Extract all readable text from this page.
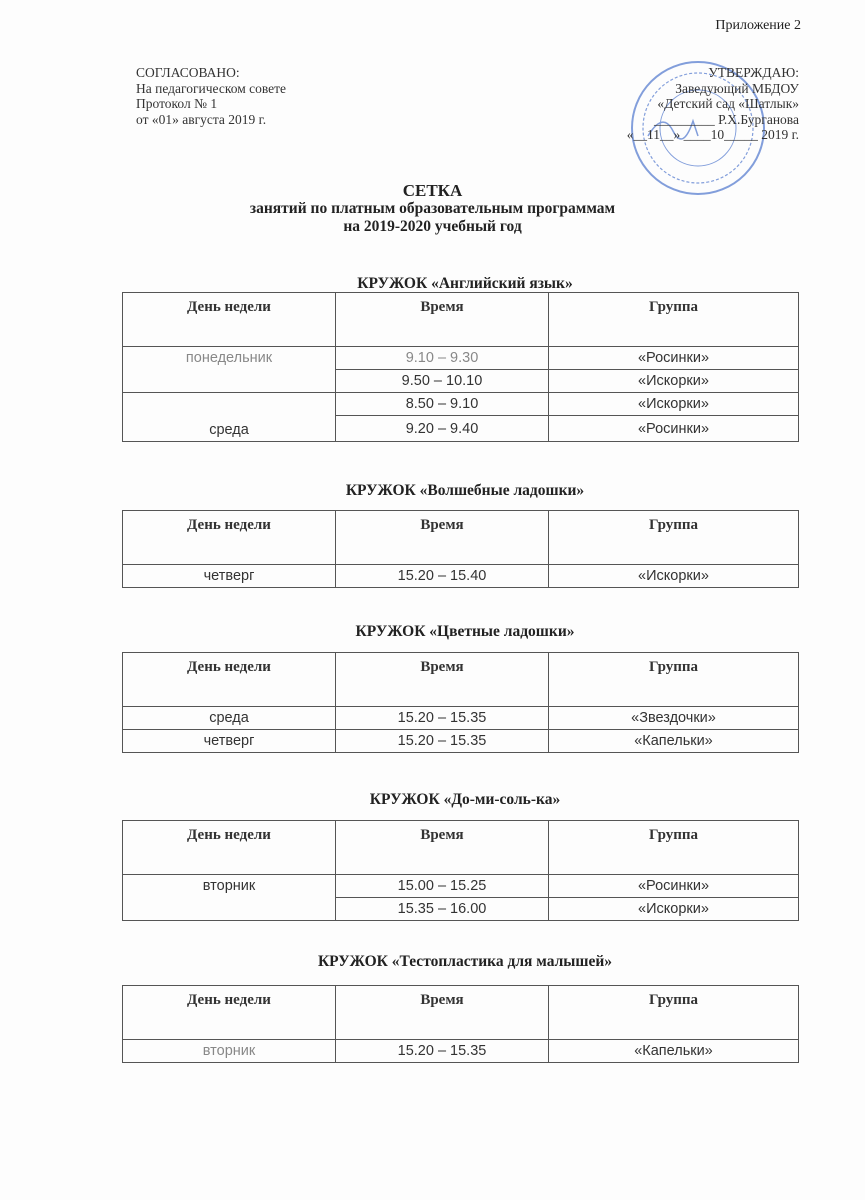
Приложение 2
СОГЛАСОВАНО:
На педагогическом совете
Протокол № 1
от «01» августа 2019 г.
УТВЕРЖДАЮ:
Заведующий МБДОУ
«Детский сад «Шатлык»
_________ Р.Х.Бурганова
«__11__» ____10_____ 2019 г.
СЕТКА
занятий по платным образовательным программам
на 2019-2020 учебный год
КРУЖОК «Английский язык»
День недели	Время	Группа
понедельник	9.10 – 9.30	«Росинки»
	9.50 – 10.10	«Искорки»
среда	8.50 – 9.10	«Искорки»
	9.20 – 9.40	«Росинки»
КРУЖОК «Волшебные ладошки»
День недели	Время	Группа
четверг	15.20 – 15.40	«Искорки»
КРУЖОК «Цветные ладошки»
День недели	Время	Группа
среда	15.20 – 15.35	«Звездочки»
четверг	15.20 – 15.35	«Капельки»
КРУЖОК «До-ми-соль-ка»
День недели	Время	Группа
вторник	15.00 – 15.25	«Росинки»
	15.35 – 16.00	«Искорки»
КРУЖОК «Тестопластика для малышей»
День недели	Время	Группа
вторник	15.20 – 15.35	«Капельки»
